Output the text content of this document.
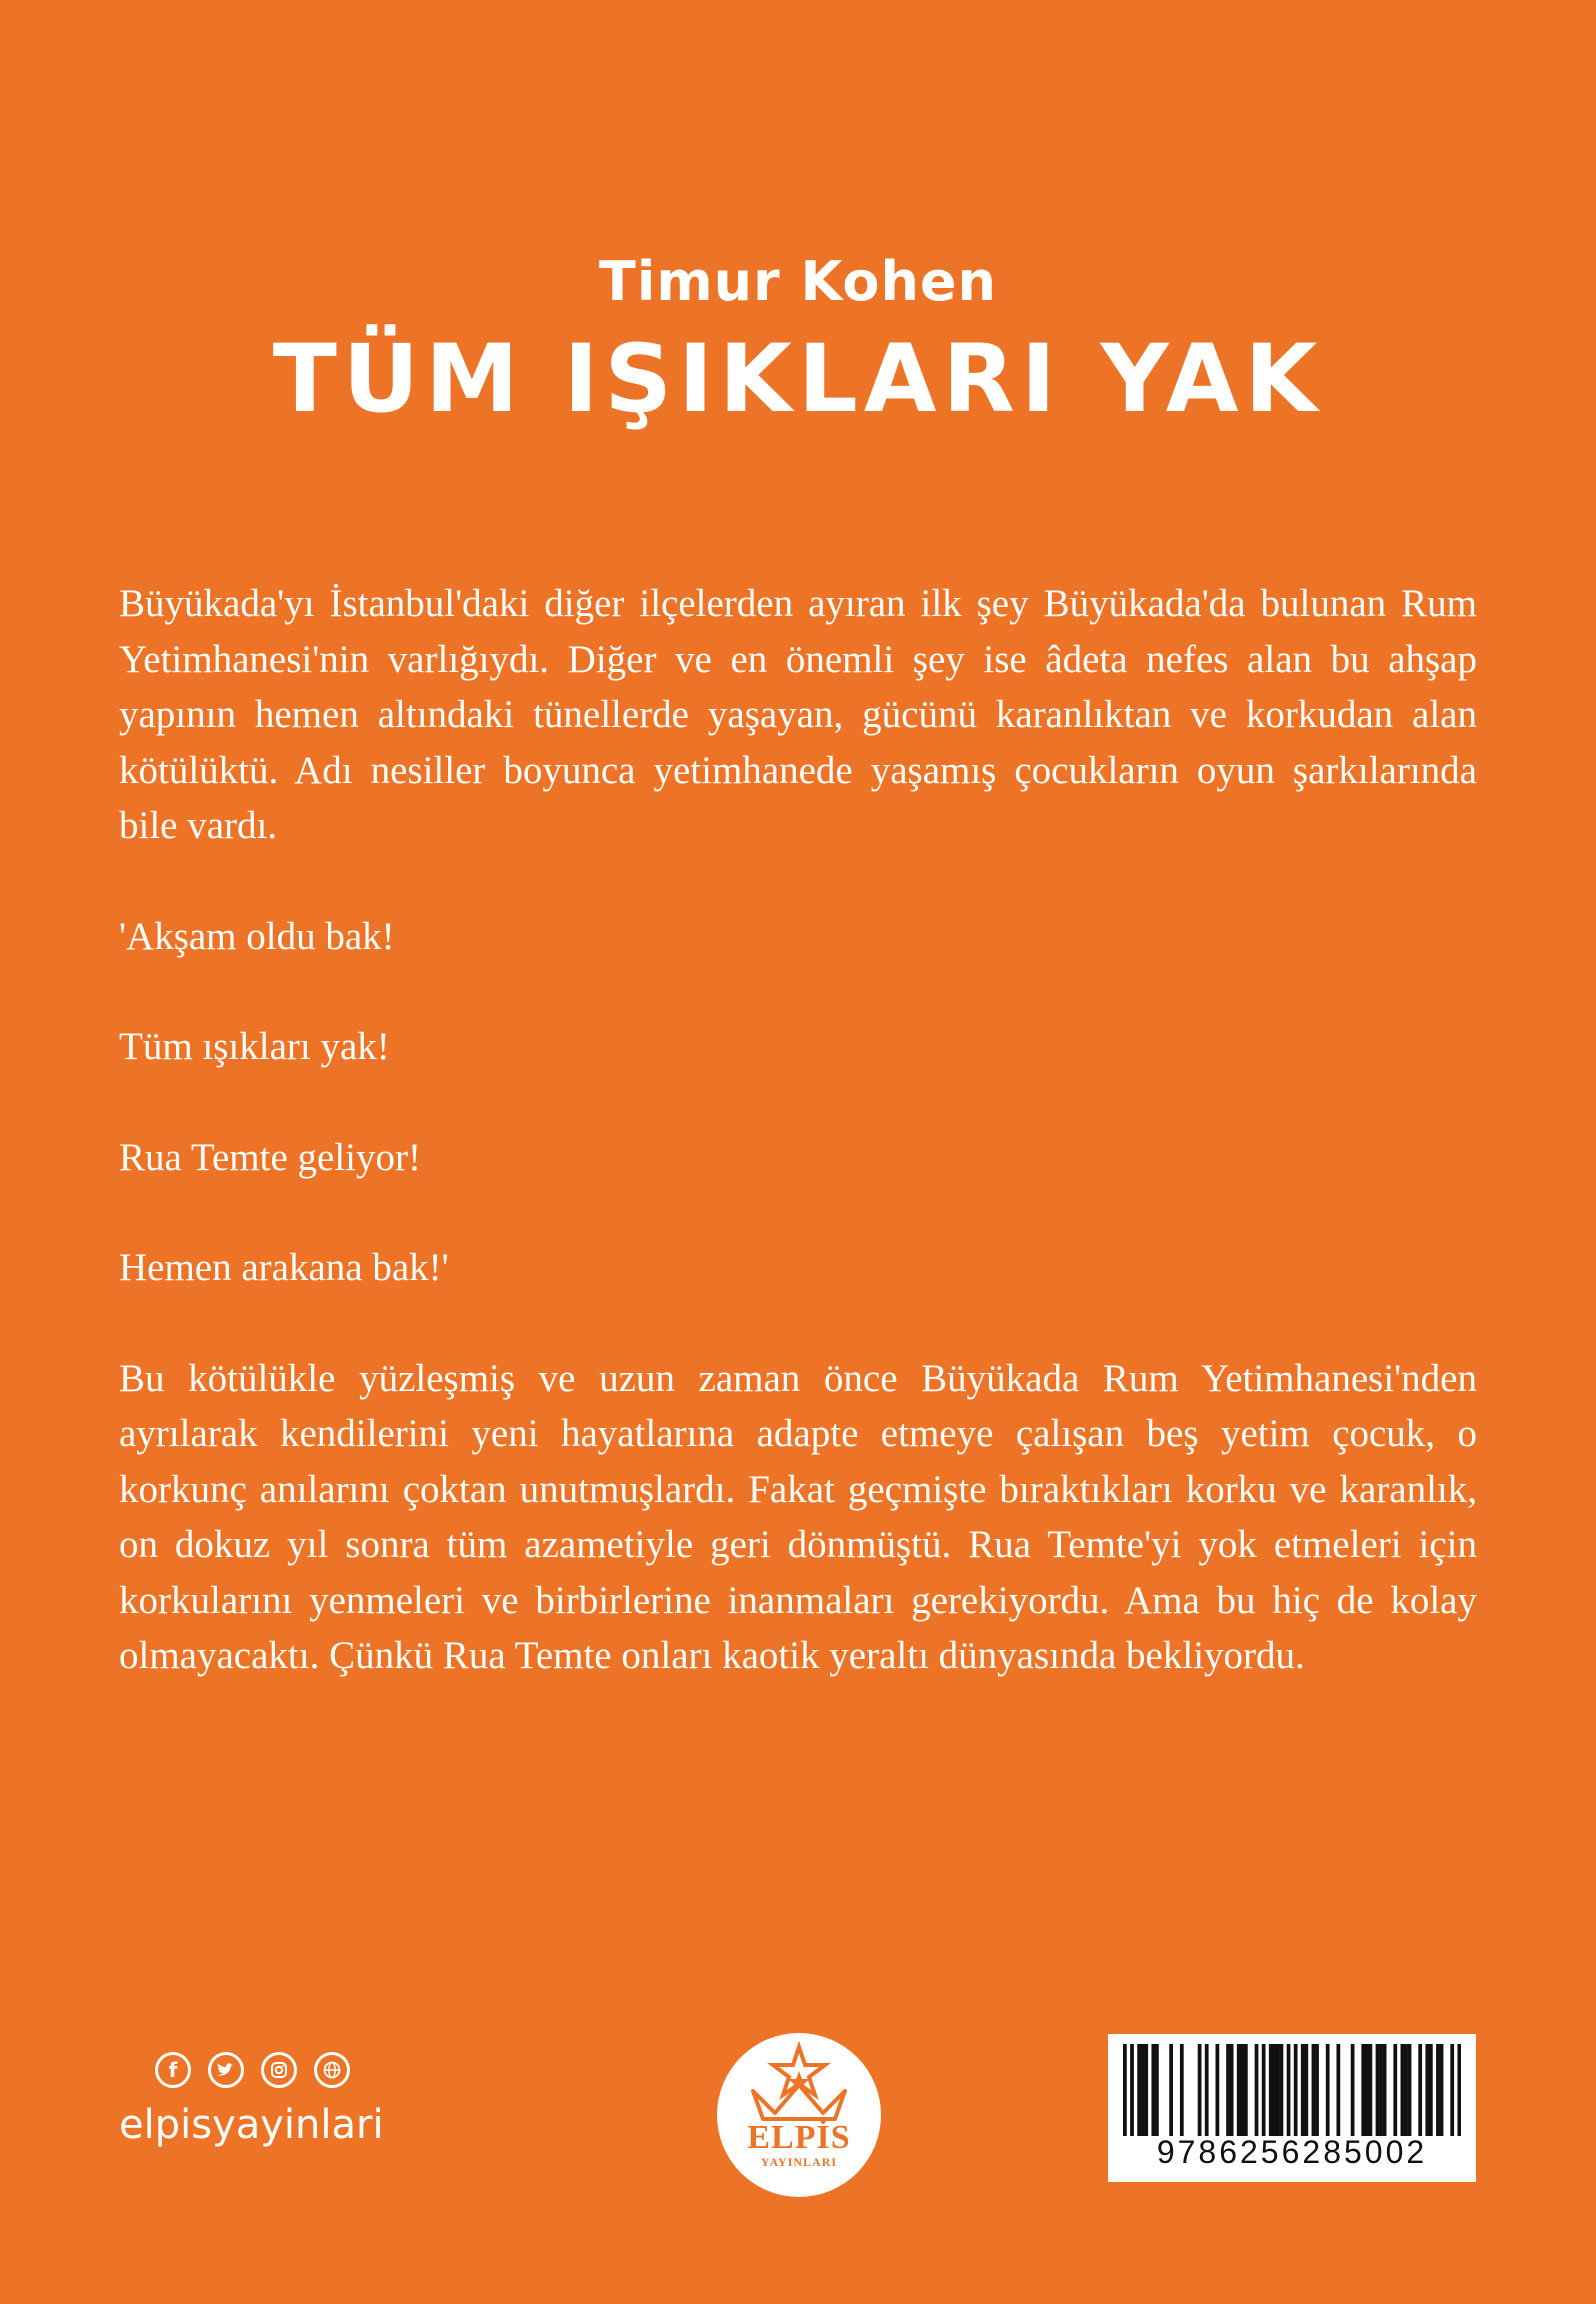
Timur Kohen
TÜM IŞIKLARI YAK

Büyükada'yı İstanbul'daki diğer ilçelerden ayıran ilk şey Büyükada'da bulunan Rum Yetimhanesi'nin varlığıydı. Diğer ve en önemli şey ise âdeta nefes alan bu ahşap yapının hemen altındaki tünellerde yaşayan, gücünü karanlıktan ve korkudan alan kötülüktü. Adı nesiller boyunca yetimhanede yaşamış çocukların oyun şarkılarında bile vardı.

'Akşam oldu bak!

Tüm ışıkları yak!

Rua Temte geliyor!

Hemen arakana bak!'

Bu kötülükle yüzleşmiş ve uzun zaman önce Büyükada Rum Yetimhanesi'nden ayrılarak kendilerini yeni hayatlarına adapte etmeye çalışan beş yetim çocuk, o korkunç anılarını çoktan unutmuşlardı. Fakat geçmişte bıraktıkları korku ve karanlık, on dokuz yıl sonra tüm azametiyle geri dönmüştü. Rua Temte'yi yok etmeleri için korkularını yenmeleri ve birbirlerine inanmaları gerekiyordu. Ama bu hiç de kolay olmayacaktı. Çünkü Rua Temte onları kaotik yeraltı dünyasında bekliyordu.

f
elpisyayinlari	ELPİS
YAYINLARI	9786256285002
